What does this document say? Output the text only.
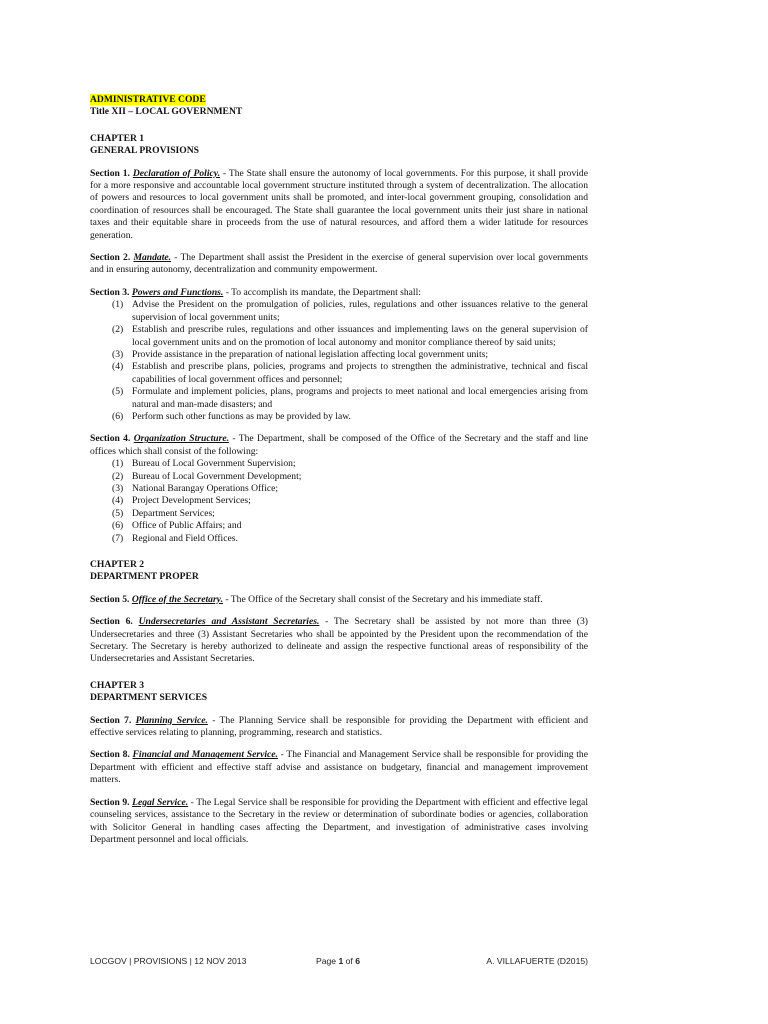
ADMINISTRATIVE CODE
Title XII – LOCAL GOVERNMENT
CHAPTER 1
GENERAL PROVISIONS

Section 1. Declaration of Policy. - The State shall ensure the autonomy of local governments. For this purpose, it shall provide for a more responsive and accountable local government structure instituted through a system of decentralization. The allocation of powers and resources to local government units shall be promoted, and inter-local government grouping, consolidation and coordination of resources shall be encouraged. The State shall guarantee the local government units their just share in national taxes and their equitable share in proceeds from the use of natural resources, and afford them a wider latitude for resources generation.

Section 2. Mandate. - The Department shall assist the President in the exercise of general supervision over local governments and in ensuring autonomy, decentralization and community empowerment.

Section 3. Powers and Functions. - To accomplish its mandate, the Department shall:

(1) Advise the President on the promulgation of policies, rules, regulations and other issuances relative to the general supervision of local government units;
(2) Establish and prescribe rules, regulations and other issuances and implementing laws on the general supervision of local government units and on the promotion of local autonomy and monitor compliance thereof by said units;
(3) Provide assistance in the preparation of national legislation affecting local government units;
(4) Establish and prescribe plans, policies, programs and projects to strengthen the administrative, technical and fiscal capabilities of local government offices and personnel;
(5) Formulate and implement policies, plans, programs and projects to meet national and local emergencies arising from natural and man-made disasters; and
(6) Perform such other functions as may be provided by law.

Section 4. Organization Structure. - The Department, shall be composed of the Office of the Secretary and the staff and line offices which shall consist of the following:

(1) Bureau of Local Government Supervision;
(2) Bureau of Local Government Development;
(3) National Barangay Operations Office;
(4) Project Development Services;
(5) Department Services;
(6) Office of Public Affairs; and
(7) Regional and Field Offices.
CHAPTER 2
DEPARTMENT PROPER

Section 5. Office of the Secretary. - The Office of the Secretary shall consist of the Secretary and his immediate staff.

Section 6. Undersecretaries and Assistant Secretaries. - The Secretary shall be assisted by not more than three (3) Undersecretaries and three (3) Assistant Secretaries who shall be appointed by the President upon the recommendation of the Secretary. The Secretary is hereby authorized to delineate and assign the respective functional areas of responsibility of the Undersecretaries and Assistant Secretaries.

CHAPTER 3
DEPARTMENT SERVICES

Section 7. Planning Service. - The Planning Service shall be responsible for providing the Department with efficient and effective services relating to planning, programming, research and statistics.

Section 8. Financial and Management Service. - The Financial and Management Service shall be responsible for providing the Department with efficient and effective staff advise and assistance on budgetary, financial and management improvement matters.

Section 9. Legal Service. - The Legal Service shall be responsible for providing the Department with efficient and effective legal counseling services, assistance to the Secretary in the review or determination of subordinate bodies or agencies, collaboration with Solicitor General in handling cases affecting the Department, and investigation of administrative cases involving Department personnel and local officials.

LOCGOV | PROVISIONS | 12 NOV 2013	Page 1 of 6	A. VILLAFUERTE (D2015)
